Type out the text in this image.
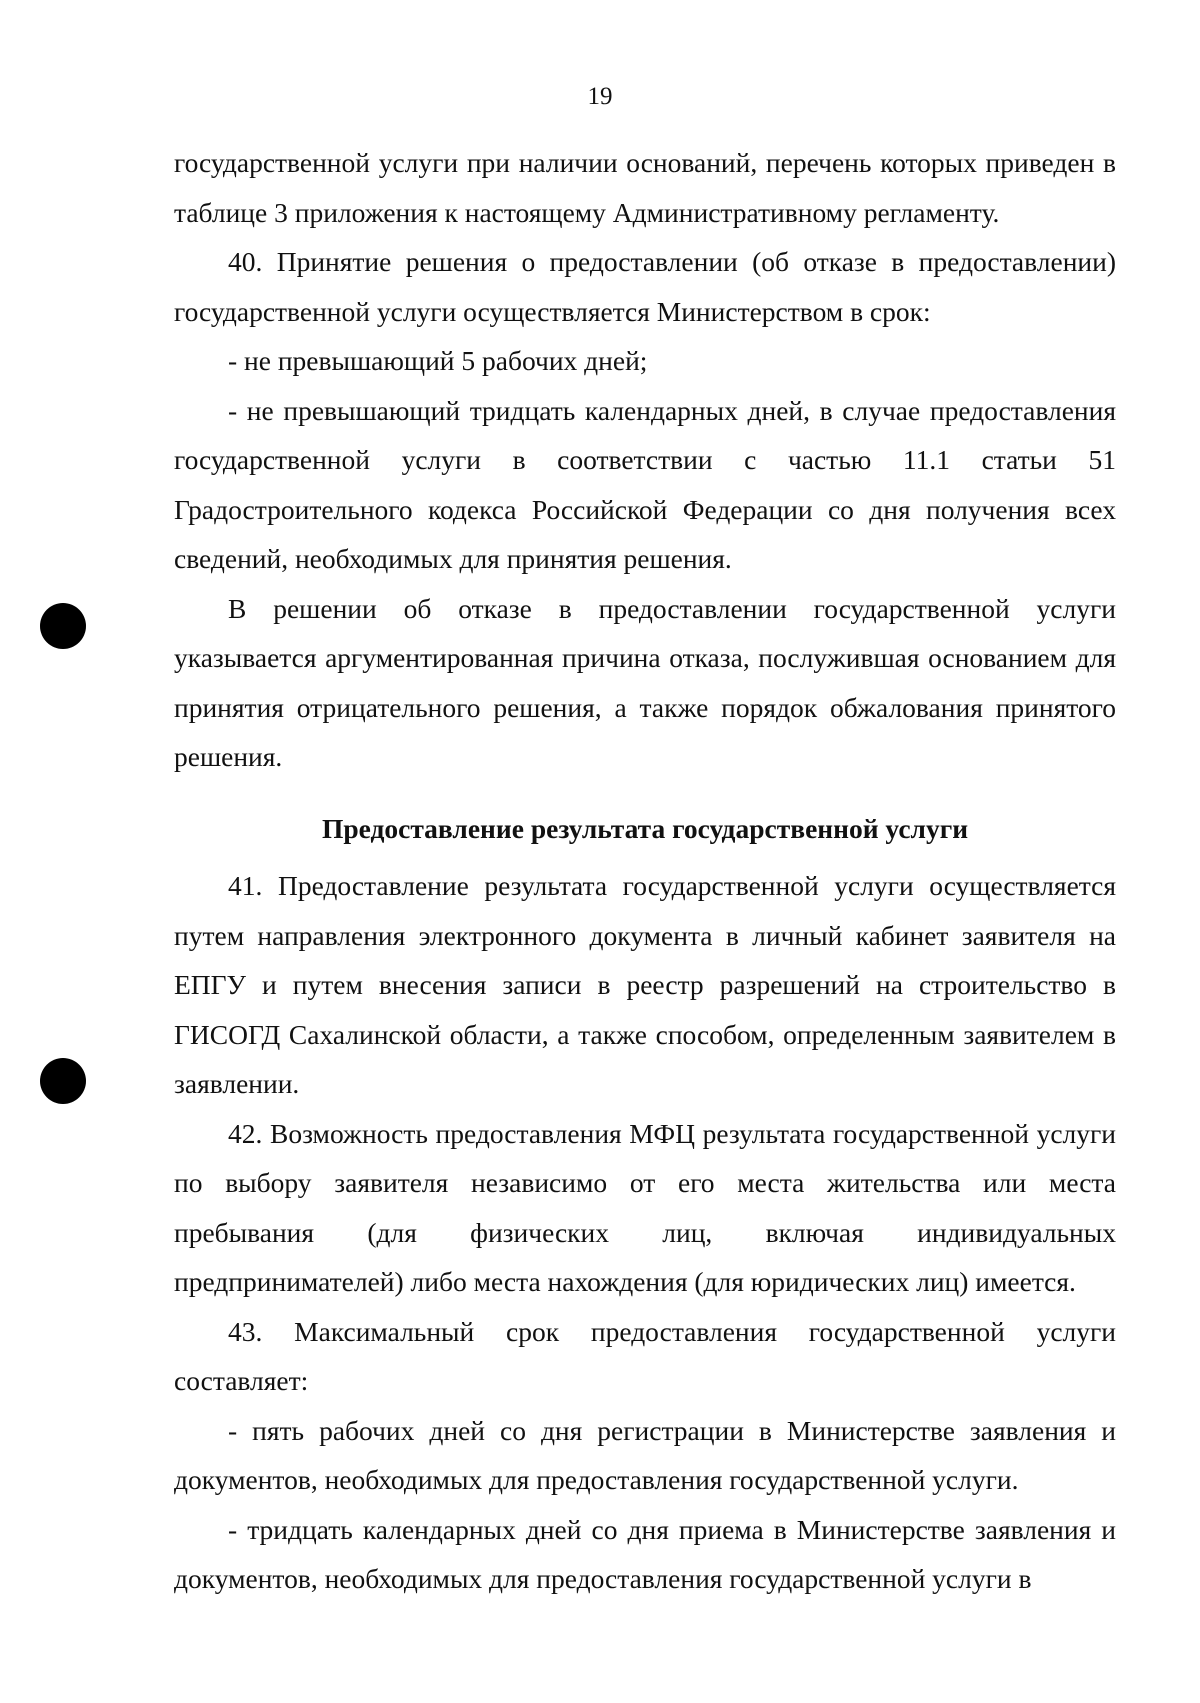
19

государственной услуги при наличии оснований, перечень которых приведен в таблице 3 приложения к настоящему Административному регламенту.

40. Принятие решения о предоставлении (об отказе в предоставлении) государственной услуги осуществляется Министерством в срок:

- не превышающий 5 рабочих дней;

- не превышающий тридцать календарных дней, в случае предоставления государственной услуги в соответствии с частью 11.1 статьи 51 Градостроительного кодекса Российской Федерации со дня получения всех сведений, необходимых для принятия решения.

В решении об отказе в предоставлении государственной услуги указывается аргументированная причина отказа, послужившая основанием для принятия отрицательного решения, а также порядок обжалования принятого решения.

Предоставление результата государственной услуги

41. Предоставление результата государственной услуги осуществляется путем направления электронного документа в личный кабинет заявителя на ЕПГУ и путем внесения записи в реестр разрешений на строительство в ГИСОГД Сахалинской области, а также способом, определенным заявителем в заявлении.

42. Возможность предоставления МФЦ результата государственной услуги по выбору заявителя независимо от его места жительства или места пребывания (для физических лиц, включая индивидуальных предпринимателей) либо места нахождения (для юридических лиц) имеется.

43. Максимальный срок предоставления государственной услуги составляет:

- пять рабочих дней со дня регистрации в Министерстве заявления и документов, необходимых для предоставления государственной услуги.

- тридцать календарных дней со дня приема в Министерстве заявления и документов, необходимых для предоставления государственной услуги в
